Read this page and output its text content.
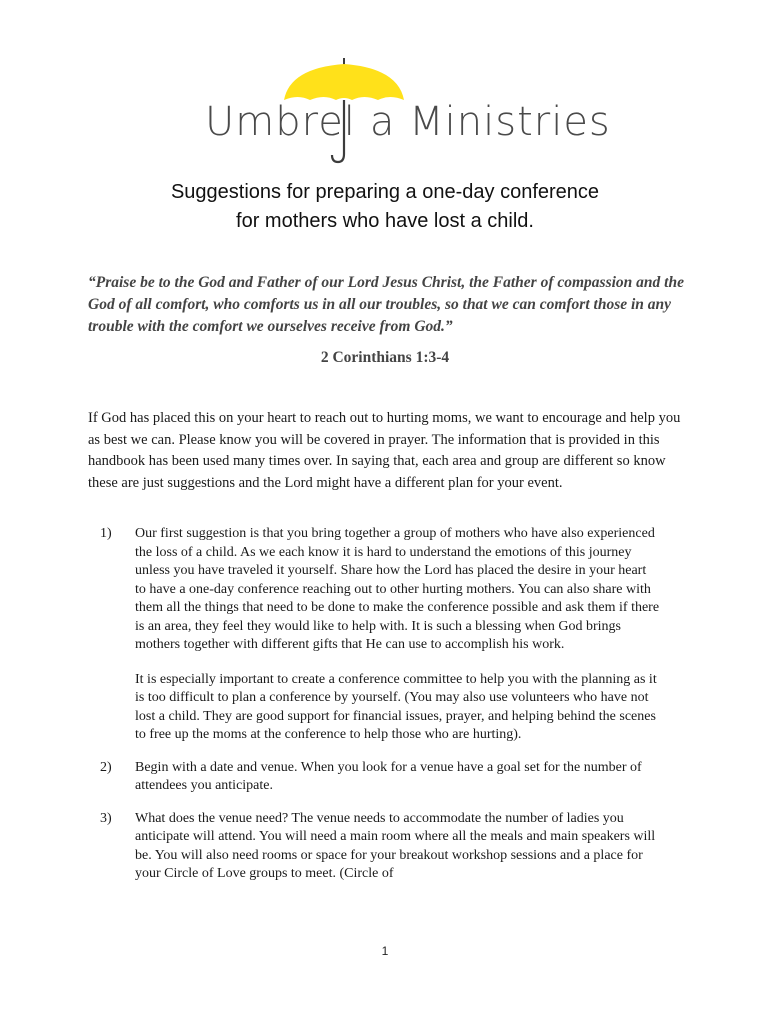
Umbrel a Ministries
Suggestions for preparing a one-day conference
for mothers who have lost a child.
“Praise be to the God and Father of our Lord Jesus Christ, the Father of compassion and the God of all comfort, who comforts us in all our troubles, so that we can comfort those in any trouble with the comfort we ourselves receive from God.”
2 Corinthians 1:3-4
If God has placed this on your heart to reach out to hurting moms, we want to encourage and help you as best we can. Please know you will be covered in prayer. The information that is provided in this handbook has been used many times over. In saying that, each area and group are different so know these are just suggestions and the Lord might have a different plan for your event.
1) Our first suggestion is that you bring together a group of mothers who have also experienced the loss of a child. As we each know it is hard to understand the emotions of this journey unless you have traveled it yourself. Share how the Lord has placed the desire in your heart to have a one-day conference reaching out to other hurting mothers. You can also share with them all the things that need to be done to make the conference possible and ask them if there is an area, they feel they would like to help with. It is such a blessing when God brings mothers together with different gifts that He can use to accomplish his work.

It is especially important to create a conference committee to help you with the planning as it is too difficult to plan a conference by yourself. (You may also use volunteers who have not lost a child. They are good support for financial issues, prayer, and helping behind the scenes to free up the moms at the conference to help those who are hurting).

2) Begin with a date and venue. When you look for a venue have a goal set for the number of attendees you anticipate.

3) What does the venue need? The venue needs to accommodate the number of ladies you anticipate will attend. You will need a main room where all the meals and main speakers will be. You will also need rooms or space for your breakout workshop sessions and a place for your Circle of Love groups to meet. (Circle of

1
